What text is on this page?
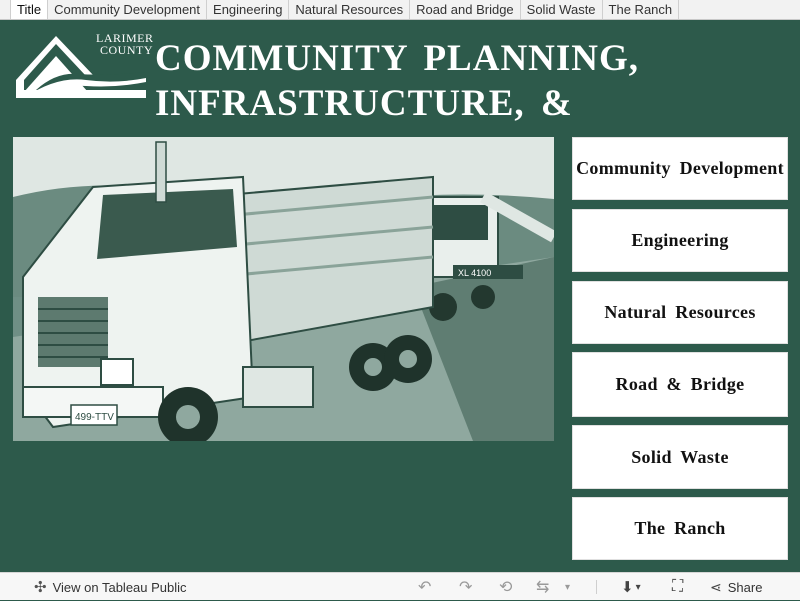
Title	Community Development	Engineering	Natural Resources	Road and Bridge	Solid Waste	The Ranch
LARIMER
COUNTY COMMUNITY PLANNING,
INFRASTRUCTURE, &
XL 4100
499-TTV
Community Development
Engineering
Natural Resources
Road & Bridge
Solid Waste
The Ranch
✣ View on Tableau Public	↶ ↷ ⟲ ⇆ ▾	⬇ ▾ ⛶ ⋖ Share
